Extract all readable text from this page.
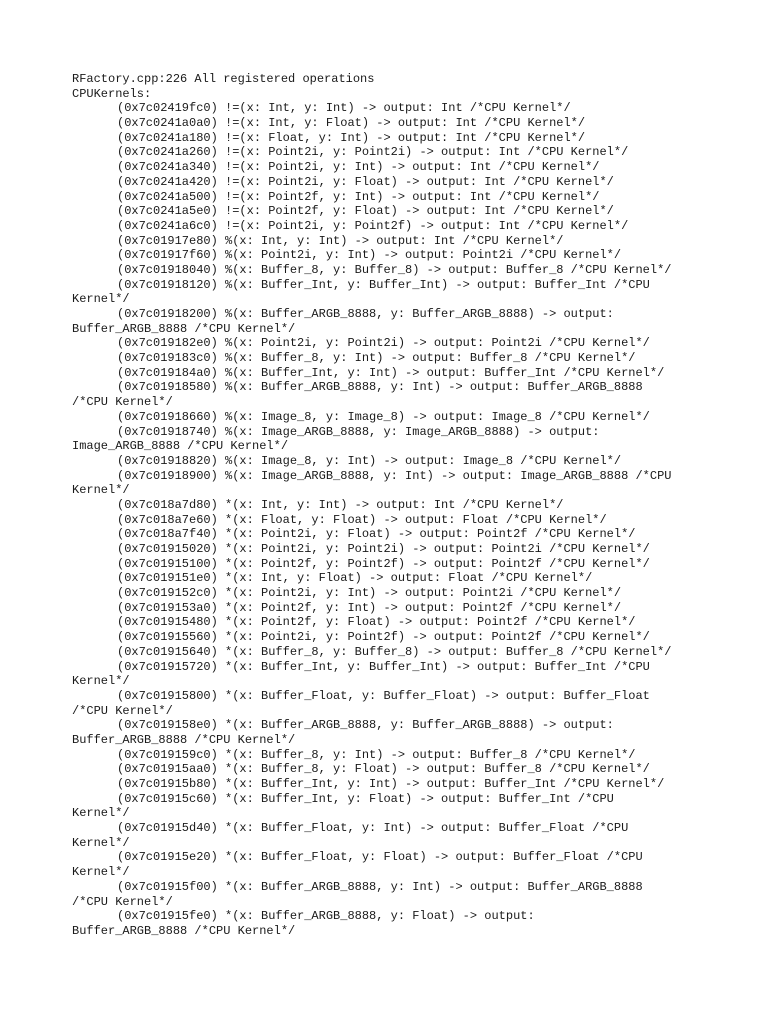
RFactory.cpp:226 All registered operations
CPUKernels:
(0x7c02419fc0) !=(x: Int, y: Int) -> output: Int /*CPU Kernel*/
(0x7c0241a0a0) !=(x: Int, y: Float) -> output: Int /*CPU Kernel*/
(0x7c0241a180) !=(x: Float, y: Int) -> output: Int /*CPU Kernel*/
(0x7c0241a260) !=(x: Point2i, y: Point2i) -> output: Int /*CPU Kernel*/
(0x7c0241a340) !=(x: Point2i, y: Int) -> output: Int /*CPU Kernel*/
(0x7c0241a420) !=(x: Point2i, y: Float) -> output: Int /*CPU Kernel*/
(0x7c0241a500) !=(x: Point2f, y: Int) -> output: Int /*CPU Kernel*/
(0x7c0241a5e0) !=(x: Point2f, y: Float) -> output: Int /*CPU Kernel*/
(0x7c0241a6c0) !=(x: Point2i, y: Point2f) -> output: Int /*CPU Kernel*/
(0x7c01917e80) %(x: Int, y: Int) -> output: Int /*CPU Kernel*/
(0x7c01917f60) %(x: Point2i, y: Int) -> output: Point2i /*CPU Kernel*/
(0x7c01918040) %(x: Buffer_8, y: Buffer_8) -> output: Buffer_8 /*CPU Kernel*/
(0x7c01918120) %(x: Buffer_Int, y: Buffer_Int) -> output: Buffer_Int /*CPU
Kernel*/
(0x7c01918200) %(x: Buffer_ARGB_8888, y: Buffer_ARGB_8888) -> output:
Buffer_ARGB_8888 /*CPU Kernel*/
(0x7c019182e0) %(x: Point2i, y: Point2i) -> output: Point2i /*CPU Kernel*/
(0x7c019183c0) %(x: Buffer_8, y: Int) -> output: Buffer_8 /*CPU Kernel*/
(0x7c019184a0) %(x: Buffer_Int, y: Int) -> output: Buffer_Int /*CPU Kernel*/
(0x7c01918580) %(x: Buffer_ARGB_8888, y: Int) -> output: Buffer_ARGB_8888
/*CPU Kernel*/
(0x7c01918660) %(x: Image_8, y: Image_8) -> output: Image_8 /*CPU Kernel*/
(0x7c01918740) %(x: Image_ARGB_8888, y: Image_ARGB_8888) -> output:
Image_ARGB_8888 /*CPU Kernel*/
(0x7c01918820) %(x: Image_8, y: Int) -> output: Image_8 /*CPU Kernel*/
(0x7c01918900) %(x: Image_ARGB_8888, y: Int) -> output: Image_ARGB_8888 /*CPU
Kernel*/
(0x7c018a7d80) *(x: Int, y: Int) -> output: Int /*CPU Kernel*/
(0x7c018a7e60) *(x: Float, y: Float) -> output: Float /*CPU Kernel*/
(0x7c018a7f40) *(x: Point2i, y: Float) -> output: Point2f /*CPU Kernel*/
(0x7c01915020) *(x: Point2i, y: Point2i) -> output: Point2i /*CPU Kernel*/
(0x7c01915100) *(x: Point2f, y: Point2f) -> output: Point2f /*CPU Kernel*/
(0x7c019151e0) *(x: Int, y: Float) -> output: Float /*CPU Kernel*/
(0x7c019152c0) *(x: Point2i, y: Int) -> output: Point2i /*CPU Kernel*/
(0x7c019153a0) *(x: Point2f, y: Int) -> output: Point2f /*CPU Kernel*/
(0x7c01915480) *(x: Point2f, y: Float) -> output: Point2f /*CPU Kernel*/
(0x7c01915560) *(x: Point2i, y: Point2f) -> output: Point2f /*CPU Kernel*/
(0x7c01915640) *(x: Buffer_8, y: Buffer_8) -> output: Buffer_8 /*CPU Kernel*/
(0x7c01915720) *(x: Buffer_Int, y: Buffer_Int) -> output: Buffer_Int /*CPU
Kernel*/
(0x7c01915800) *(x: Buffer_Float, y: Buffer_Float) -> output: Buffer_Float
/*CPU Kernel*/
(0x7c019158e0) *(x: Buffer_ARGB_8888, y: Buffer_ARGB_8888) -> output:
Buffer_ARGB_8888 /*CPU Kernel*/
(0x7c019159c0) *(x: Buffer_8, y: Int) -> output: Buffer_8 /*CPU Kernel*/
(0x7c01915aa0) *(x: Buffer_8, y: Float) -> output: Buffer_8 /*CPU Kernel*/
(0x7c01915b80) *(x: Buffer_Int, y: Int) -> output: Buffer_Int /*CPU Kernel*/
(0x7c01915c60) *(x: Buffer_Int, y: Float) -> output: Buffer_Int /*CPU
Kernel*/
(0x7c01915d40) *(x: Buffer_Float, y: Int) -> output: Buffer_Float /*CPU
Kernel*/
(0x7c01915e20) *(x: Buffer_Float, y: Float) -> output: Buffer_Float /*CPU
Kernel*/
(0x7c01915f00) *(x: Buffer_ARGB_8888, y: Int) -> output: Buffer_ARGB_8888
/*CPU Kernel*/
(0x7c01915fe0) *(x: Buffer_ARGB_8888, y: Float) -> output:
Buffer_ARGB_8888 /*CPU Kernel*/
